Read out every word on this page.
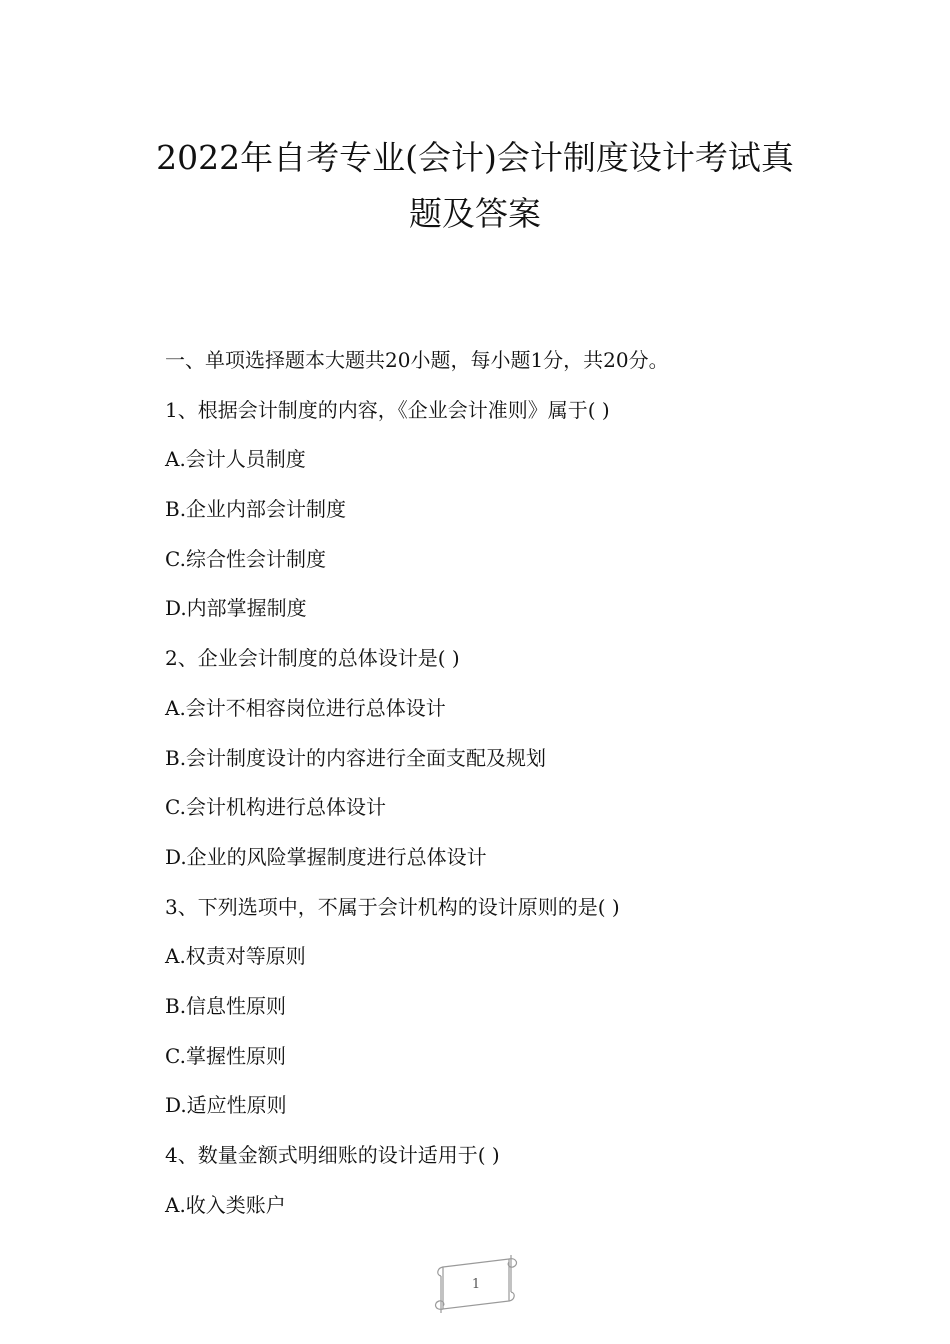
2022年自考专业(会计)会计制度设计考试真
题及答案
一、单项选择题本大题共20小题，每小题1分，共20分。
1、根据会计制度的内容，《企业会计准则》属于( )
A.会计人员制度
B.企业内部会计制度
C.综合性会计制度
D.内部掌握制度
2、企业会计制度的总体设计是( )
A.会计不相容岗位进行总体设计
B.会计制度设计的内容进行全面支配及规划
C.会计机构进行总体设计
D.企业的风险掌握制度进行总体设计
3、下列选项中，不属于会计机构的设计原则的是( )
A.权责对等原则
B.信息性原则
C.掌握性原则
D.适应性原则
4、数量金额式明细账的设计适用于( )
A.收入类账户
1
